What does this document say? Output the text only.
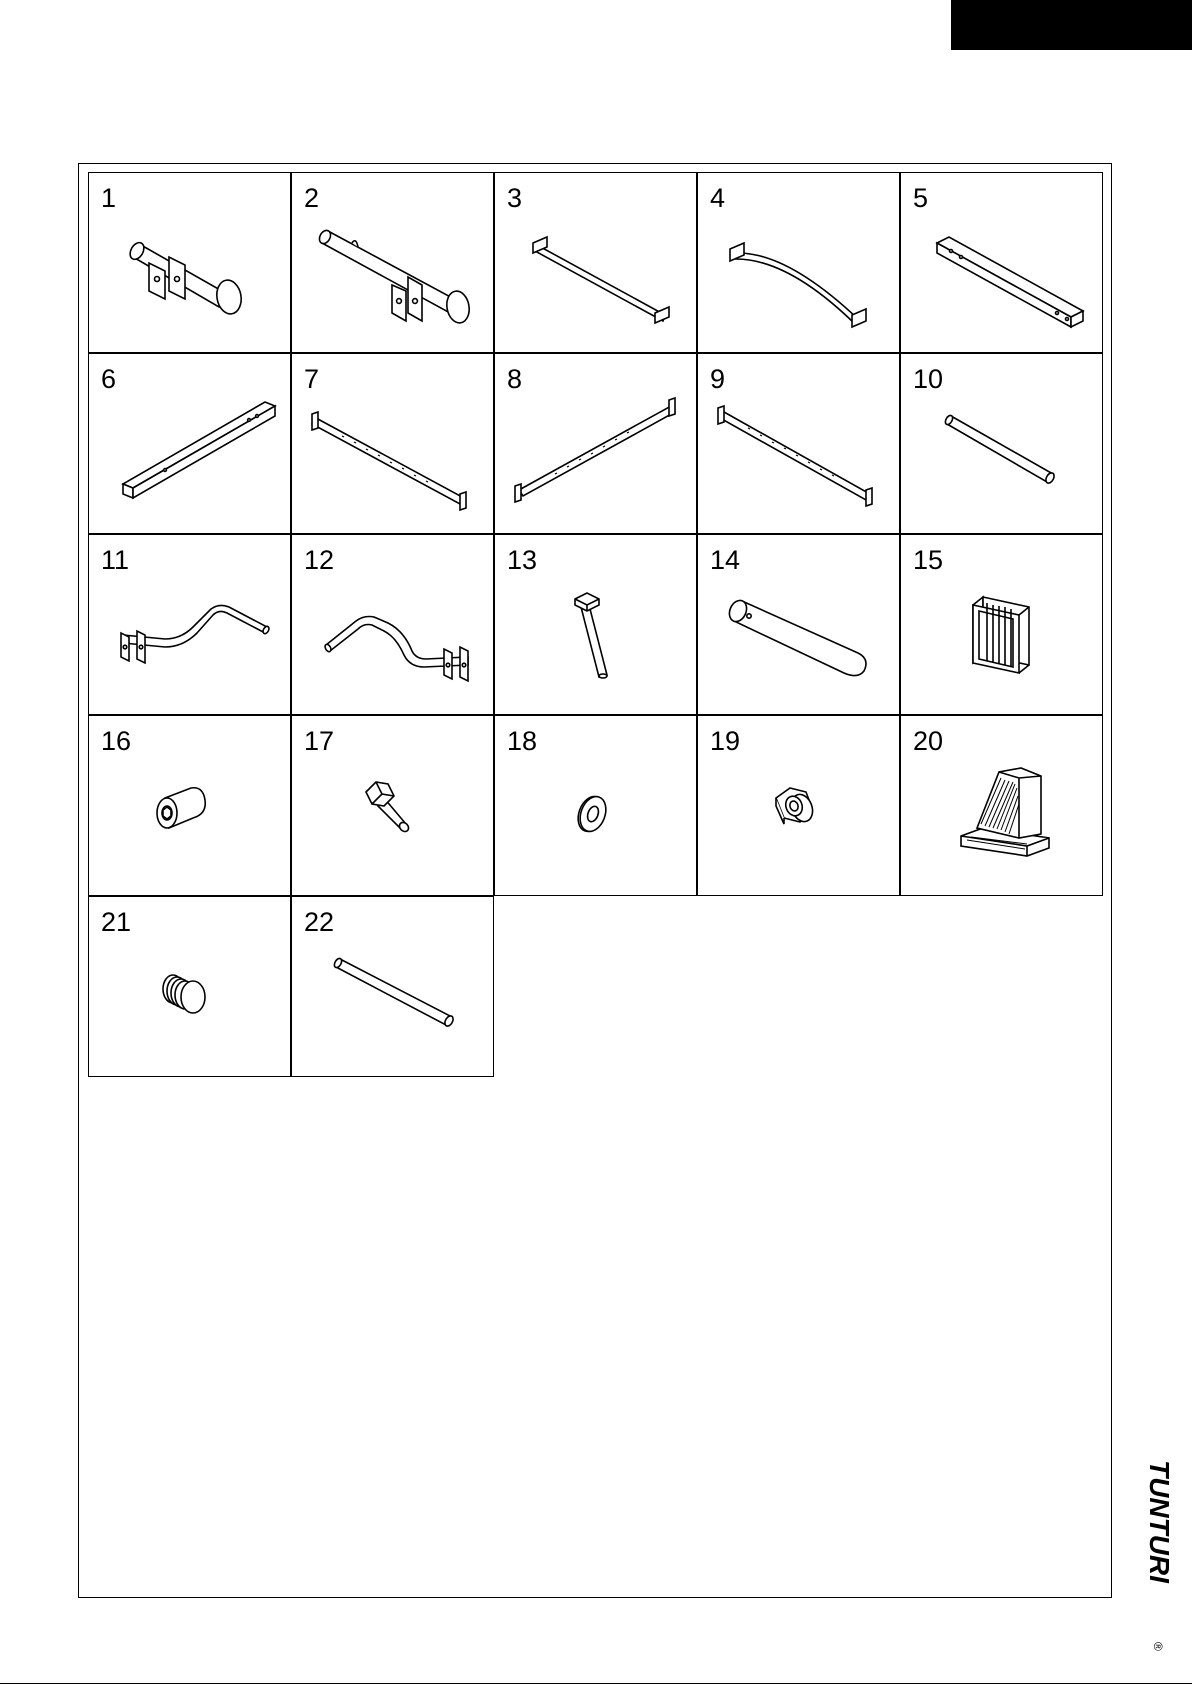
1	2	3	4	5
6	7	8	9	10
11	12	13	14	15
16	17	18	19	20
21	22
TUNTURI
®
